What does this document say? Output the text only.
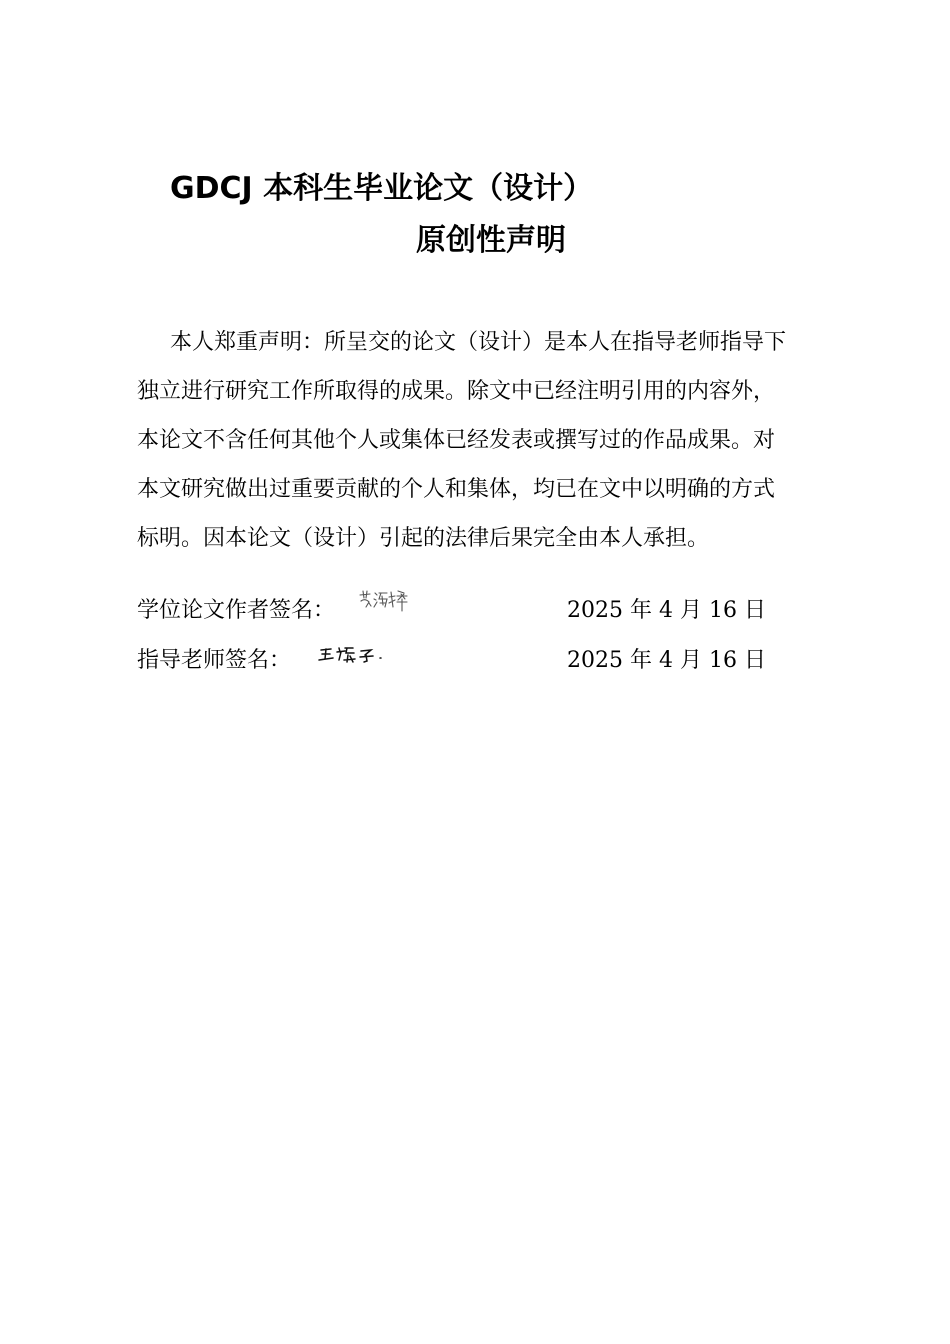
GDCJ 本科生毕业论文（设计）
原创性声明
本人郑重声明：所呈交的论文（设计）是本人在指导老师指导下
独立进行研究工作所取得的成果。除文中已经注明引用的内容外，
本论文不含任何其他个人或集体已经发表或撰写过的作品成果。对
本文研究做出过重要贡献的个人和集体，均已在文中以明确的方式
标明。因本论文（设计）引起的法律后果完全由本人承担。
学位论文作者签名：	2025 年 4 月 16 日
指导老师签名：	2025 年 4 月 16 日
